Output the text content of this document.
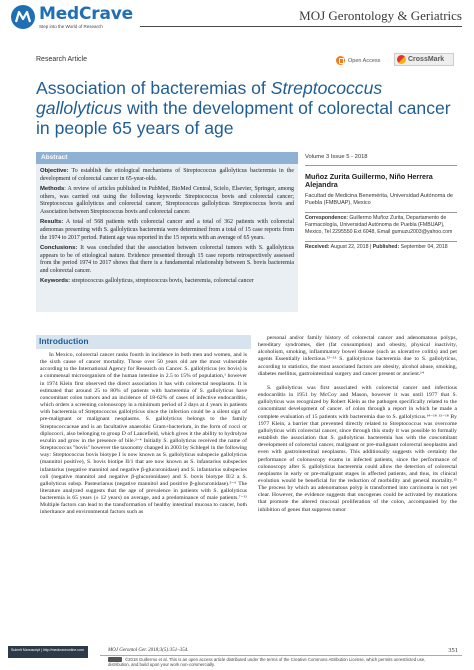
MedCrave
Step into the World of Research
MOJ Gerontology & Geriatrics
Research Article	Open Access	CrossMark
Association of bacteremias of Streptococcus gallolyticus with the development of colorectal cancer in people 65 years of age
Abstract

Objective: To establish the etiological mechanisms of Streptococcus gallolyticus bacteremia in the development of colorectal cancer in 65-year-olds.

Methods: A review of articles published in PubMed, BioMed Central, Scielo, Elsevier, Springer, among others, was carried out using the following keywords: Streptococcus bovis and colorectal cancer; Streptococcus gallolyticus and colorectal cancer, Streptococcus gallolyticus Streptococcus bovis and Association between Streptococcus bovis and colorectal cancer.

Results: A total of 568 patients with colorectal cancer and a total of 362 patients with colorectal adenomas presenting with S. gallolyticus bacteremia were determined from a total of 15 case reports from the 1974 to 2017 period. Patient age was reported in the 15 reports with an average of 65 years.

Conclusions: It was concluded that the association between colorectal tumors with S. gallolyticus appears to be of etiological nature. Evidence presented through 15 case reports retrospectively assessed from the period 1974 to 2017 shows that there is a fundamental relationship between S. bovis bacteremia and colorectal cancer.

Keywords: streptococcus gallolyticus, streptococcus bovis, bacteremia, colorectal cancer

Volume 3 Issue 5 - 2018
Muñoz Zurita Guillermo, Niño Herrera Alejandra
Facultad de Medicina Benemérita, Universidad Autónoma de Puebla (FMBUAP), Mexico
Correspondence: Guillermo Muñoz Zurita, Departamento de Farmacología, Universidad Autónoma de Puebla (FMBUAP), Mexico, Tel 2295550 Ext 6048, Email gumuzu2003@yahoo.com
Received: August 22, 2018 | Published: September 04, 2018
Introduction

In Mexico, colorectal cancer ranks fourth in incidence in both men and women, and is the sixth cause of cancer mortality. Those over 50 years old are the most vulnerable according to the International Agency for Research on Cancer. S. gallolyticus (ex bovis) is a commensal microorganism of the human intestine in 2.5 to 15% of population,¹ however in 1974 Klein first observed the direct association it has with colorectal neoplasms. It is estimated that around 25 to 80% of patients with bacteremia of S. gallolyticus have concomitant colon tumors and an incidence of 18-62% of cases of infective endocarditis, which orders a screening colonoscopy in a minimum period of 2 days at 4 years in patients with bacteremia of Streptococcus gallolyticus since the infection could be a silent sign of pre-malignant or malignant neoplasms. S. gallolyticus belongs to the family Streptococcaceae and is an facultative anaerobic Gram+bacterium, in the form of cocci or diplococci, also belonging to group D of Lancefield, which gives it the ability to hydrolyze esculin and grow in the presence of bile.²⁻⁴ Initially S. gallolyticus received the name of Streptococcus "bovis" however the taxonomy changed in 2003 by Schlegel in the following way: Streptococcus bovis biotype I is now known as S. gallolyticus subspecie gallolyticus (mannitol positive), S. bovis biotipe II/1 that are now known as S. infantarius subspecies infantarius (negative mannitol and negative β-glucuronidase) and S. infantarius subspecies coli (negative mannitol and negative β-glucuronidase) and S. bovis biotype II/2 a S. gallolyticus subsp. Pasteurianus (negative mannitol and positive β-glucuronidase).⁵⁻⁶ The literature analyzed suggests that the age of prevalence in patients with S. gallolyticus bacteremia is 65 years (± 12 years) on average, and a predominance of male patients.⁷⁻¹¹ Multiple factors can lead to the transformation of healthy intestinal mucosa to cancer, both inheritance and environmental factors such as

personal and/or family history of colorectal cancer and adenomatous polyps, hereditary syndromes, diet (fat consumption) and obesity, physical inactivity, alcoholism, smoking, inflammatory bowel disease (such as ulcerative colitis) and pet agents Essentially infectious.¹²⁻¹³ S. gallolyticus bacteremia due to S. gallolyticus, according to statistics, the most associated factors are obesity, alcohol abuse, smoking, diabetes mellitus, gastrointestinal surgery and cancer present or ancient.¹⁴

S. gallolyticus was first associated with colorectal cancer and infectious endocarditis in 1951 by McCoy and Mason, however it was until 1977 that S. gallolyticus was recognized by Robert Klein as the pathogen specifically related to the concomitant development of cancer. of colon through a report in which he made a complete evaluation of 15 patients with bacteremia due to S. gallolyticus.¹⁴⁻¹⁸ ¹⁵⁻¹⁸ By 1977 Klein, a barrier that prevented directly related to Streptococcus was overcome gallolyticus with colorectal cancer, since through this study it was possible to formally establish the association that S. gallolyticus bacteremia has with the concomitant development of colorectal cancer, malignant or pre-malignant colorectal neoplasms and even with gastrointestinal neoplasms. This additionally suggests with certainty the performance of colonoscopy exams in infected patients, since the performance of colonoscopy after S. gallolyticus bacteremia could allow the detection of colorectal neoplasms in early or pre-malignant stages in affected patients, and thus, its clinical evolution would be beneficial for the reduction of morbidity and general mortality.¹⁵ The process by which an adenomatous polyp is transformed into carcinoma is not yet clear. However, the evidence suggests that oncogenes could be activated by mutations that promote the altered mucosal proliferation of the colon, accompanied by the inhibition of genes that suppress tumor

Submit Manuscript | http://medcraveonline.com	MOJ Gerontol Ger. 2018;3(5):351‒354.	351
©2018 Guillermo et al. This is an open access article distributed under the terms of the Creative Commons Attribution License, which permits unrestricted use, distribution, and build upon your work non-commercially.
